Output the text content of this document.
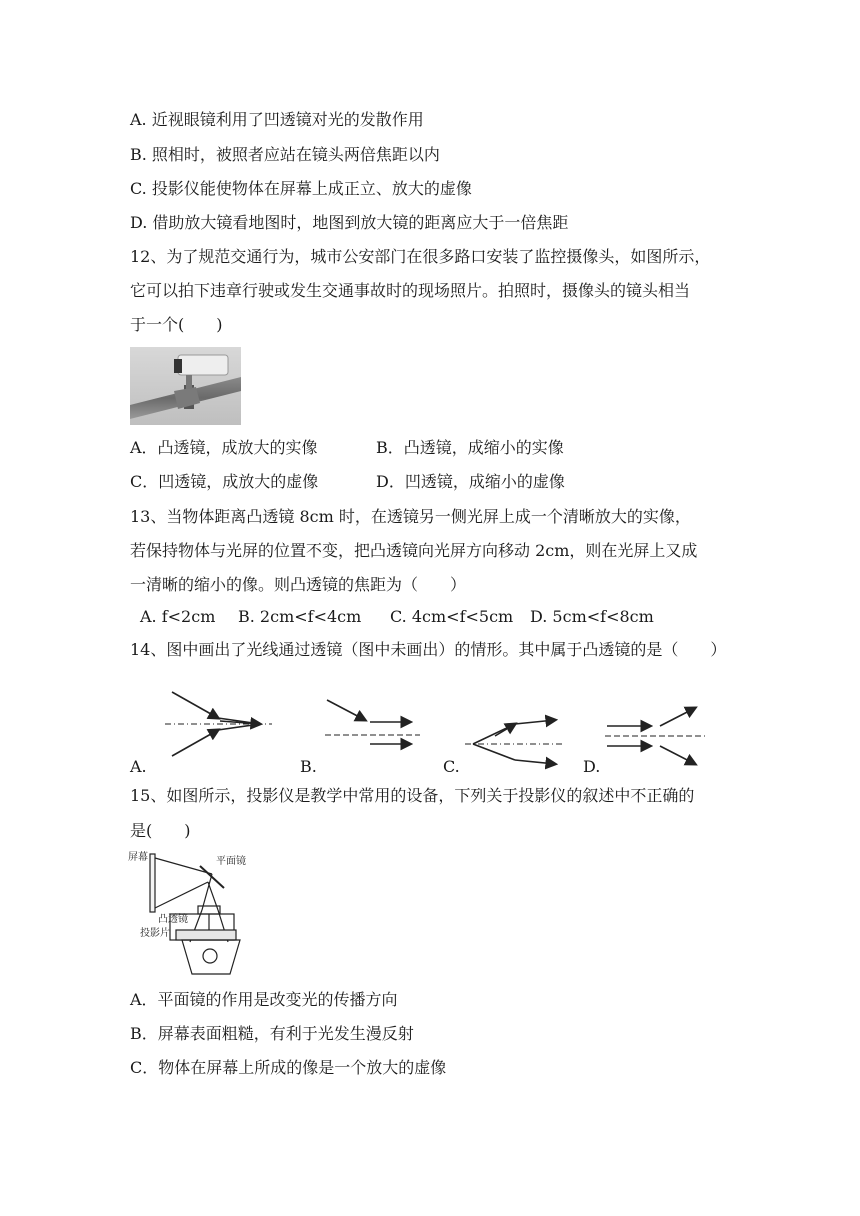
A. 近视眼镜利用了凹透镜对光的发散作用
B. 照相时，被照者应站在镜头两倍焦距以内
C. 投影仪能使物体在屏幕上成正立、放大的虚像
D. 借助放大镜看地图时，地图到放大镜的距离应大于一倍焦距
12、为了规范交通行为，城市公安部门在很多路口安装了监控摄像头，如图所示，
它可以拍下违章行驶或发生交通事故时的现场照片。拍照时，摄像头的镜头相当
于一个(　　)
A．凸透镜，成放大的实像	B．凸透镜，成缩小的实像
C．凹透镜，成放大的虚像	D．凹透镜，成缩小的虚像
13、当物体距离凸透镜 8cm 时，在透镜另一侧光屏上成一个清晰放大的实像，
若保持物体与光屏的位置不变，把凸透镜向光屏方向移动 2cm，则在光屏上又成
一清晰的缩小的像。则凸透镜的焦距为（　　）
A. f<2cm B. 2cm<f<4cm C. 4cm<f<5cm D. 5cm<f<8cm
14、图中画出了光线通过透镜（图中未画出）的情形。其中属于凸透镜的是（　　）
A.	B.	C.	D.
15、如图所示，投影仪是教学中常用的设备，下列关于投影仪的叙述中不正确的
是(　　)
屏幕	平面镜
凸透镜
投影片
A．平面镜的作用是改变光的传播方向
B．屏幕表面粗糙，有利于光发生漫反射
C．物体在屏幕上所成的像是一个放大的虚像
